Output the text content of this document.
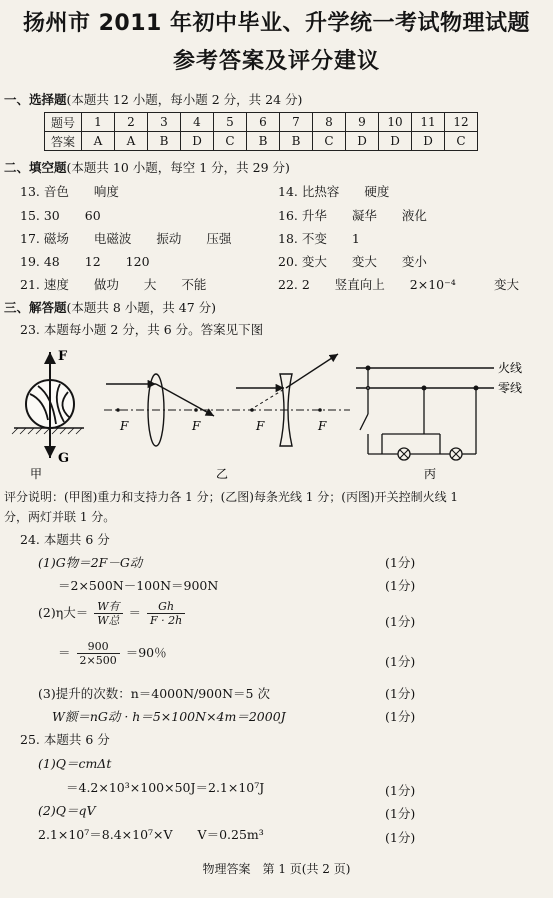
扬州市 2011 年初中毕业、升学统一考试物理试题
参考答案及评分建议
一、选择题(本题共 12 小题，每小题 2 分，共 24 分)
题号	1	2	3	4	5	6	7	8	9	10	11	12
答案	A	A	B	D	C	B	B	C	D	D	D	C
二、填空题(本题共 10 小题，每空 1 分，共 29 分)
13. 音色　　响度	14. 比热容　　硬度
15. 30　　60	16. 升华　　凝华　　液化
17. 磁场　　电磁波　　振动　　压强	18. 不变　　1
19. 48　　12　　120	20. 变大　　变大　　变小
21. 速度　　做功　　大　　不能	22. 2　　竖直向上　　2×10⁻⁴	变大
三、解答题(本题共 8 小题，共 47 分)
23. 本题每小题 2 分，共 6 分。答案见下图
F
G
甲
F	F	F	F
乙
火线
零线
丙
评分说明：(甲图)重力和支持力各 1 分；(乙图)每条光线 1 分；(丙图)开关控制火线 1
分，两灯并联 1 分。
24. 本题共 6 分
(1)G物＝2F－G动	(1分)
＝2×500N－100N＝900N	(1分)
(2)η大＝ $\frac{\text{W有}}{\text{W总}} = \frac{Gh}{F \cdot 2h}$	(1分)
＝ $\frac{900}{2\times 500} =90$％
(1分)
(3)提升的次数：n＝4000N/900N＝5 次	(1分)
W额＝nG动 · h＝5×100N×4m＝2000J	(1分)
25. 本题共 6 分
(1)Q＝cmΔt
＝4.2×10³×100×50J＝2.1×10⁷J	(1分)
(2)Q＝qV	(1分)
2.1×10⁷＝8.4×10⁷×V　　V＝0.25m³	(1分)
物理答案　第 1 页(共 2 页)
